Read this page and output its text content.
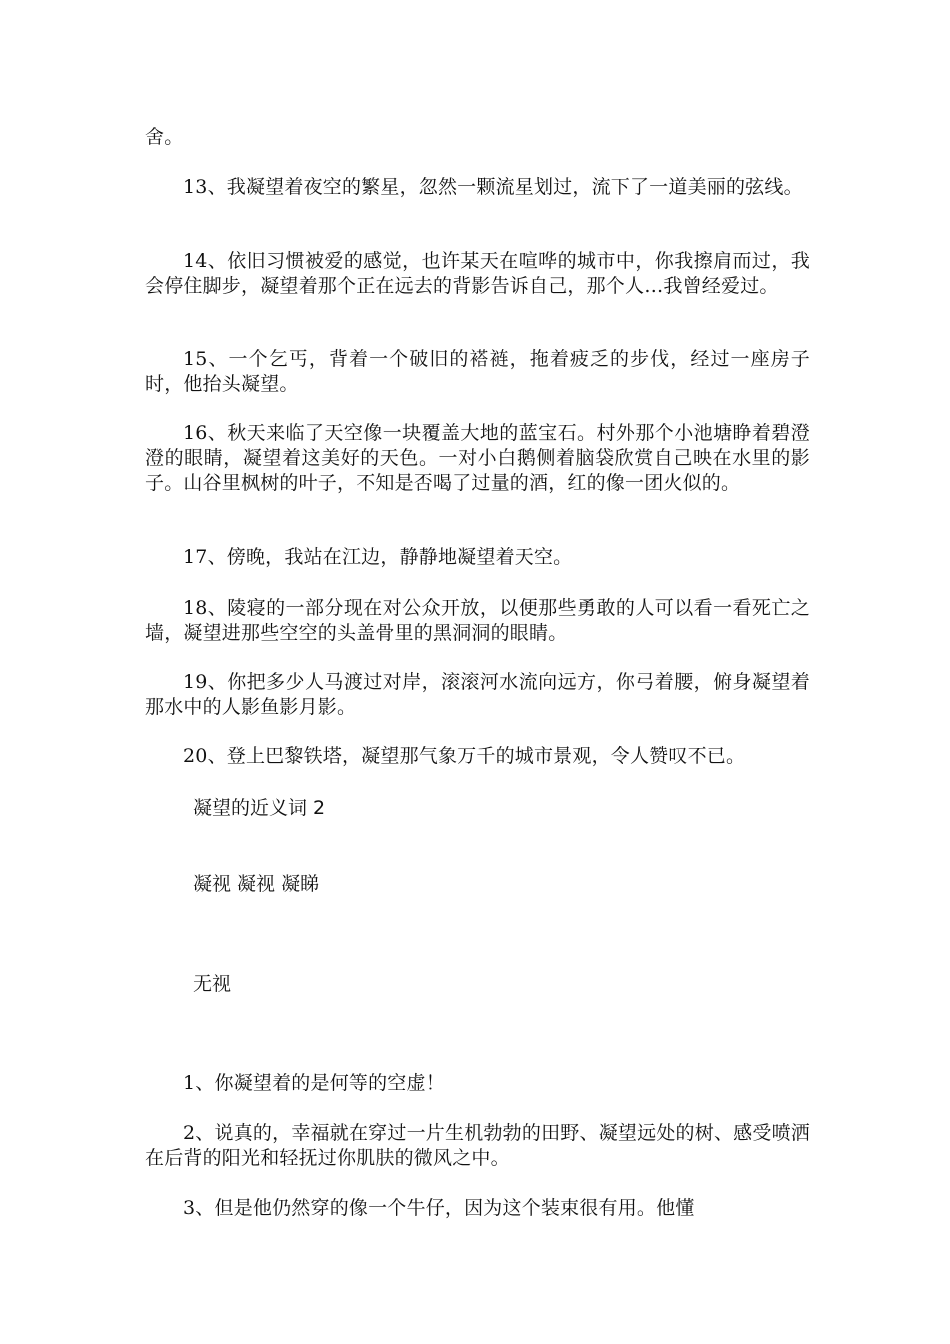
舍。

13、我凝望着夜空的繁星，忽然一颗流星划过，流下了一道美丽的弦线。

14、依旧习惯被爱的感觉，也许某天在喧哗的城市中，你我擦肩而过，我会停住脚步，凝望着那个正在远去的背影告诉自己，那个人…我曾经爱过。

15、一个乞丐，背着一个破旧的褡裢，拖着疲乏的步伐，经过一座房子时，他抬头凝望。

16、秋天来临了天空像一块覆盖大地的蓝宝石。村外那个小池塘睁着碧澄澄的眼睛，凝望着这美好的天色。一对小白鹅侧着脑袋欣赏自己映在水里的影子。山谷里枫树的叶子，不知是否喝了过量的酒，红的像一团火似的。

17、傍晚，我站在江边，静静地凝望着天空。

18、陵寝的一部分现在对公众开放，以便那些勇敢的人可以看一看死亡之墙，凝望进那些空空的头盖骨里的黑洞洞的眼睛。

19、你把多少人马渡过对岸，滚滚河水流向远方，你弓着腰，俯身凝望着那水中的人影鱼影月影。

20、登上巴黎铁塔，凝望那气象万千的城市景观，令人赞叹不已。

凝望的近义词 2

凝视 凝视 凝睇

无视

1、你凝望着的是何等的空虚！

2、说真的，幸福就在穿过一片生机勃勃的田野、凝望远处的树、感受喷洒在后背的阳光和轻抚过你肌肤的微风之中。

3、但是他仍然穿的像一个牛仔，因为这个装束很有用。他懂
